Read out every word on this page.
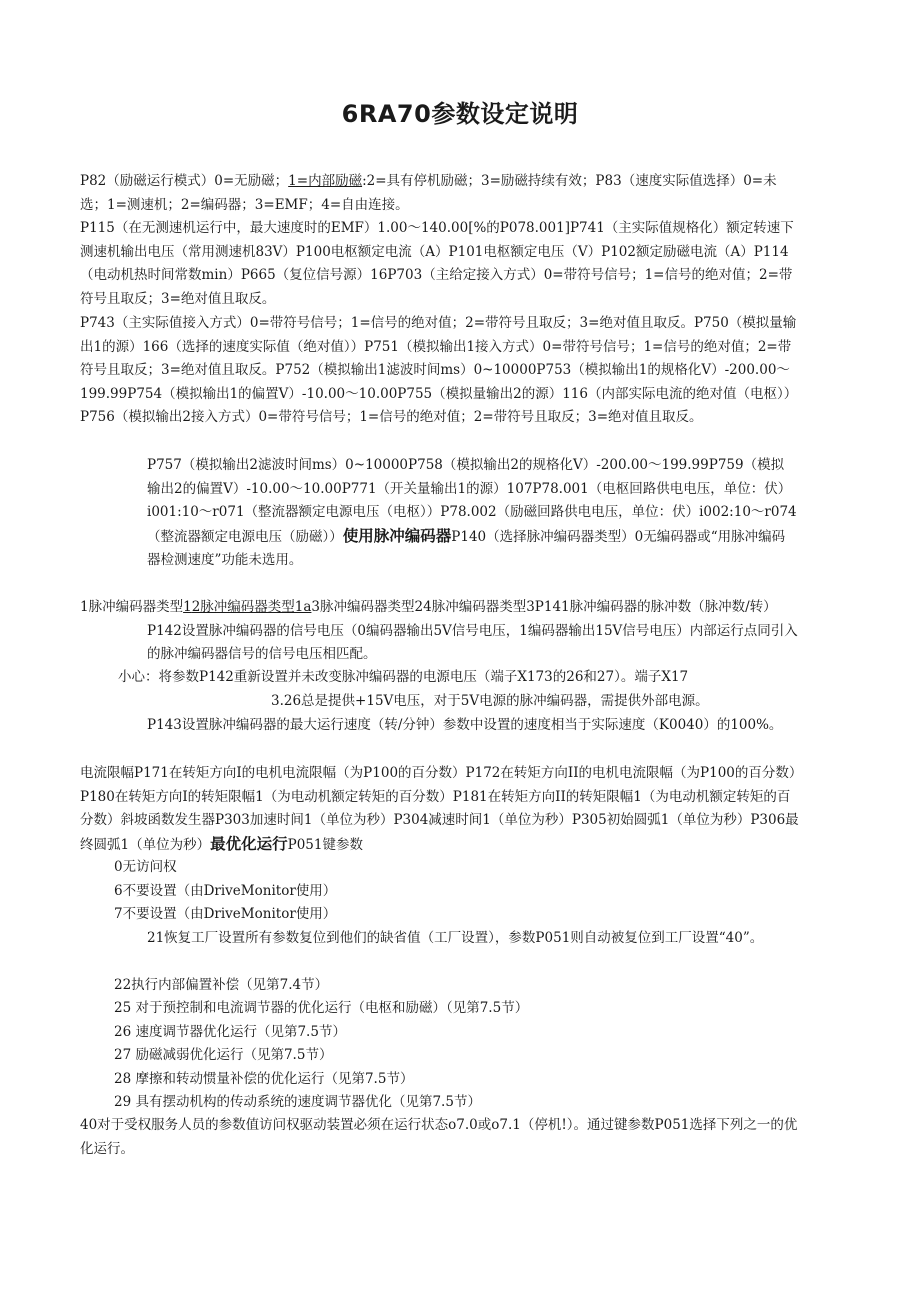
6RA70参数设定说明

P82（励磁运行模式）0=无励磁；1=内部励磁:2=具有停机励磁；3=励磁持续有效；P83（速度实际值选择）0=未选；1=测速机；2=编码器；3=EMF；4=自由连接。

P115（在无测速机运行中，最大速度时的EMF）1.00〜140.00[%的P078.001]P741（主实际值规格化）额定转速下测速机输出电压（常用测速机83V）P100电枢额定电流（A）P101电枢额定电压（V）P102额定励磁电流（A）P114（电动机热时间常数min）P665（复位信号源）16P703（主给定接入方式）0=带符号信号；1=信号的绝对值；2=带符号且取反；3=绝对值且取反。

P743（主实际值接入方式）0=带符号信号；1=信号的绝对值；2=带符号且取反；3=绝对值且取反。P750（模拟量输出1的源）166（选择的速度实际值（绝对值））P751（模拟输出1接入方式）0=带符号信号；1=信号的绝对值；2=带符号且取反；3=绝对值且取反。P752（模拟输出1滤波时间ms）0~10000P753（模拟输出1的规格化V）-200.00〜199.99P754（模拟输出1的偏置V）-10.00〜10.00P755（模拟量输出2的源）116（内部实际电流的绝对值（电枢））P756（模拟输出2接入方式）0=带符号信号；1=信号的绝对值；2=带符号且取反；3=绝对值且取反。

P757（模拟输出2滤波时间ms）0~10000P758（模拟输出2的规格化V）-200.00〜199.99P759（模拟输出2的偏置V）-10.00〜10.00P771（开关量输出1的源）107P78.001（电枢回路供电电压，单位：伏）i001:10〜r071（整流器额定电源电压（电枢））P78.002（励磁回路供电电压，单位：伏）i002:10〜r074（整流器额定电源电压（励磁））使用脉冲编码器P140（选择脉冲编码器类型）0无编码器或“用脉冲编码器检测速度”功能未选用。

1脉冲编码器类型12脉冲编码器类型1a3脉冲编码器类型24脉冲编码器类型3P141脉冲编码器的脉冲数（脉冲数/转）P142设置脉冲编码器的信号电压（0编码器输出5V信号电压，1编码器输出15V信号电压）内部运行点同引入的脉冲编码器信号的信号电压相匹配。

小心：将参数P142重新设置并未改变脉冲编码器的电源电压（端子X173的26和27）。端子X17

3.26总是提供+15V电压，对于5V电源的脉冲编码器，需提供外部电源。

P143设置脉冲编码器的最大运行速度（转/分钟）参数中设置的速度相当于实际速度（K0040）的100%。

电流限幅P171在转矩方向I的电机电流限幅（为P100的百分数）P172在转矩方向II的电机电流限幅（为P100的百分数）P180在转矩方向I的转矩限幅1（为电动机额定转矩的百分数）P181在转矩方向II的转矩限幅1（为电动机额定转矩的百分数）斜坡函数发生器P303加速时间1（单位为秒）P304减速时间1（单位为秒）P305初始圆弧1（单位为秒）P306最终圆弧1（单位为秒）最优化运行P051键参数

0无访问权

6不要设置（由DriveMonitor使用）

7不要设置（由DriveMonitor使用）

21恢复工厂设置所有参数复位到他们的缺省值（工厂设置），参数P051则自动被复位到工厂设置“40”。

22执行内部偏置补偿（见第7.4节）

25 对于预控制和电流调节器的优化运行（电枢和励磁）（见第7.5节）

26 速度调节器优化运行（见第7.5节）

27 励磁减弱优化运行（见第7.5节）

28 摩擦和转动惯量补偿的优化运行（见第7.5节）

29 具有摆动机构的传动系统的速度调节器优化（见第7.5节）

40对于受权服务人员的参数值访问权驱动装置必须在运行状态o7.0或o7.1（停机!）。通过键参数P051选择下列之一的优化运行。
